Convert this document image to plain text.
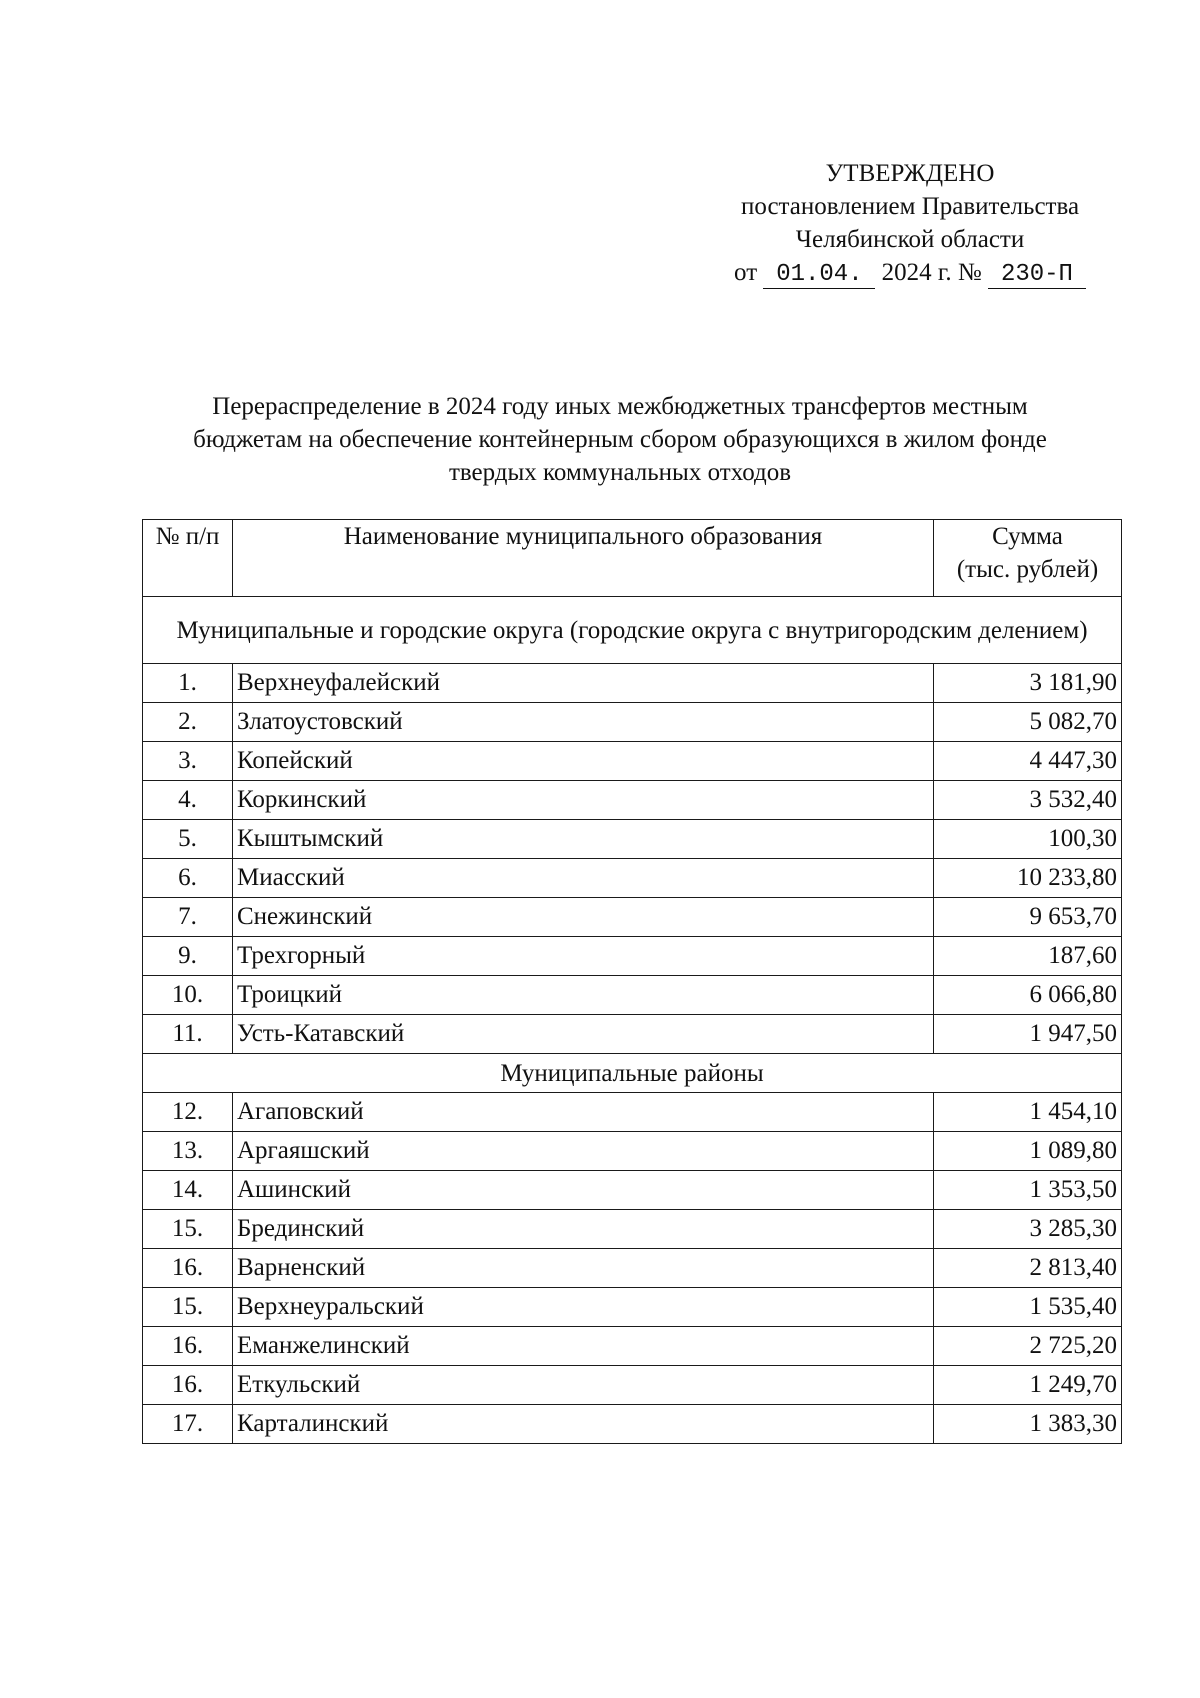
УТВЕРЖДЕНО
постановлением Правительства
Челябинской области
от 01.04. 2024 г. № 230-П
Перераспределение в 2024 году иных межбюджетных трансфертов местным
бюджетам на обеспечение контейнерным сбором образующихся в жилом фонде
твердых коммунальных отходов
№ п/п	Наименование муниципального образования	Сумма
(тыс. рублей)

Муниципальные и городские округа (городские округа с внутригородским делением)		
1.	Верхнеуфалейский	3 181,90
2.	Златоустовский	5 082,70
3.	Копейский	4 447,30
4.	Коркинский	3 532,40
5.	Кыштымский	100,30
6.	Миасский	10 233,80
7.	Снежинский	9 653,70
9.	Трехгорный	187,60
10.	Троицкий	6 066,80
11.	Усть-Катавский	1 947,50
Муниципальные районы		
12.	Агаповский	1 454,10
13.	Аргаяшский	1 089,80
14.	Ашинский	1 353,50
15.	Брединский	3 285,30
16.	Варненский	2 813,40
15.	Верхнеуральский	1 535,40
16.	Еманжелинский	2 725,20
16.	Еткульский	1 249,70
17.	Карталинский	1 383,30
